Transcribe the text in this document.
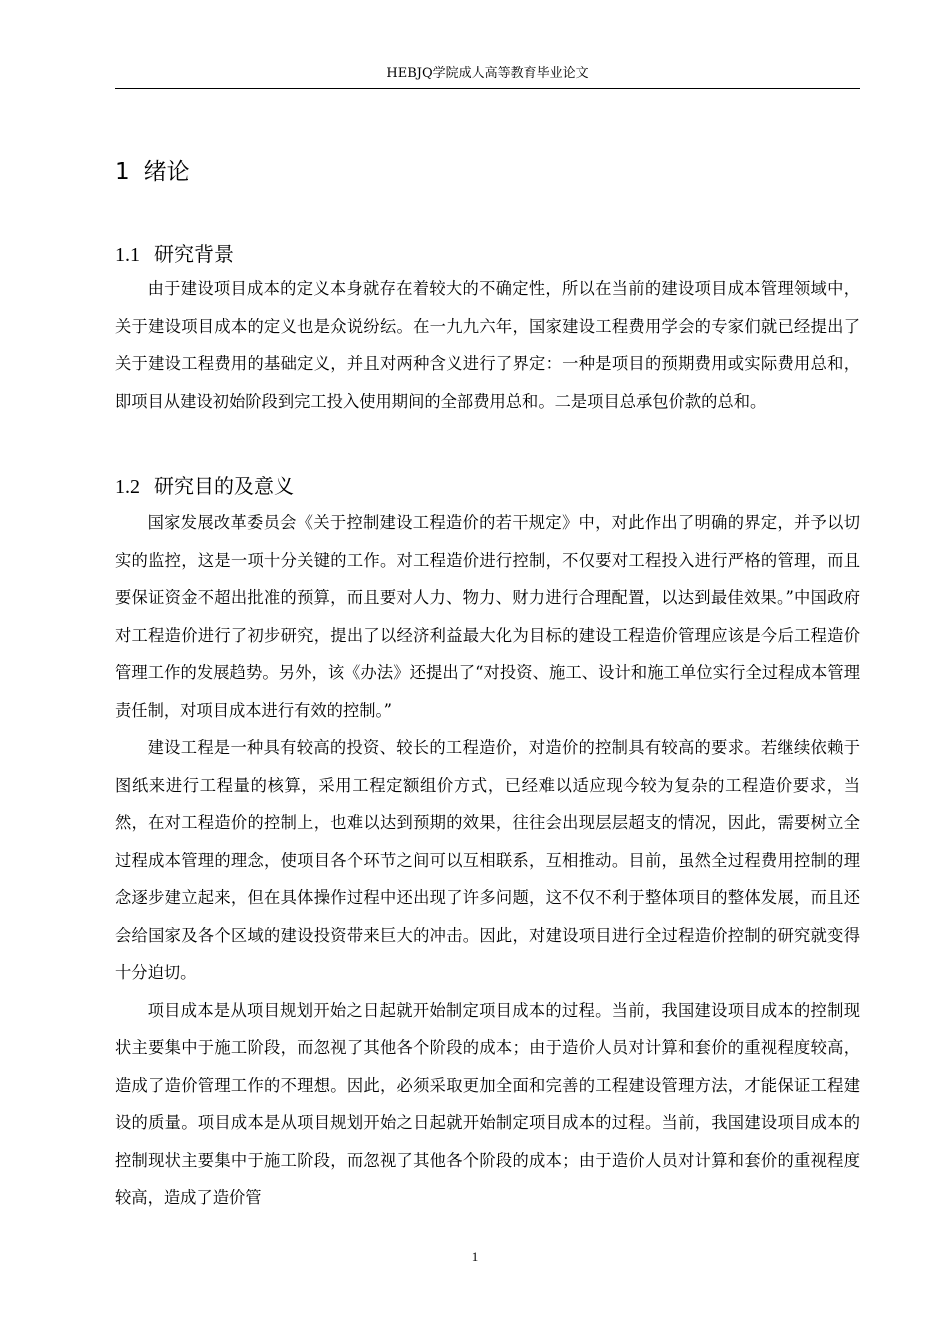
HEBJQ学院成人高等教育毕业论文
1 绪论
1.1 研究背景

由于建设项目成本的定义本身就存在着较大的不确定性，所以在当前的建设项目成本管理领域中，关于建设项目成本的定义也是众说纷纭。在一九九六年，国家建设工程费用学会的专家们就已经提出了关于建设工程费用的基础定义，并且对两种含义进行了界定：一种是项目的预期费用或实际费用总和，即项目从建设初始阶段到完工投入使用期间的全部费用总和。二是项目总承包价款的总和。

1.2 研究目的及意义

国家发展改革委员会《关于控制建设工程造价的若干规定》中，对此作出了明确的界定，并予以切实的监控，这是一项十分关键的工作。对工程造价进行控制，不仅要对工程投入进行严格的管理，而且要保证资金不超出批准的预算，而且要对人力、物力、财力进行合理配置，以达到最佳效果。”中国政府对工程造价进行了初步研究，提出了以经济利益最大化为目标的建设工程造价管理应该是今后工程造价管理工作的发展趋势。另外，该《办法》还提出了“对投资、施工、设计和施工单位实行全过程成本管理责任制，对项目成本进行有效的控制。”

建设工程是一种具有较高的投资、较长的工程造价，对造价的控制具有较高的要求。若继续依赖于图纸来进行工程量的核算，采用工程定额组价方式，已经难以适应现今较为复杂的工程造价要求，当然，在对工程造价的控制上，也难以达到预期的效果，往往会出现层层超支的情况，因此，需要树立全过程成本管理的理念，使项目各个环节之间可以互相联系，互相推动。目前，虽然全过程费用控制的理念逐步建立起来，但在具体操作过程中还出现了许多问题，这不仅不利于整体项目的整体发展，而且还会给国家及各个区域的建设投资带来巨大的冲击。因此，对建设项目进行全过程造价控制的研究就变得十分迫切。

项目成本是从项目规划开始之日起就开始制定项目成本的过程。当前，我国建设项目成本的控制现状主要集中于施工阶段，而忽视了其他各个阶段的成本；由于造价人员对计算和套价的重视程度较高，造成了造价管理工作的不理想。因此，必须采取更加全面和完善的工程建设管理方法，才能保证工程建设的质量。项目成本是从项目规划开始之日起就开始制定项目成本的过程。当前，我国建设项目成本的控制现状主要集中于施工阶段，而忽视了其他各个阶段的成本；由于造价人员对计算和套价的重视程度较高，造成了造价管

1
